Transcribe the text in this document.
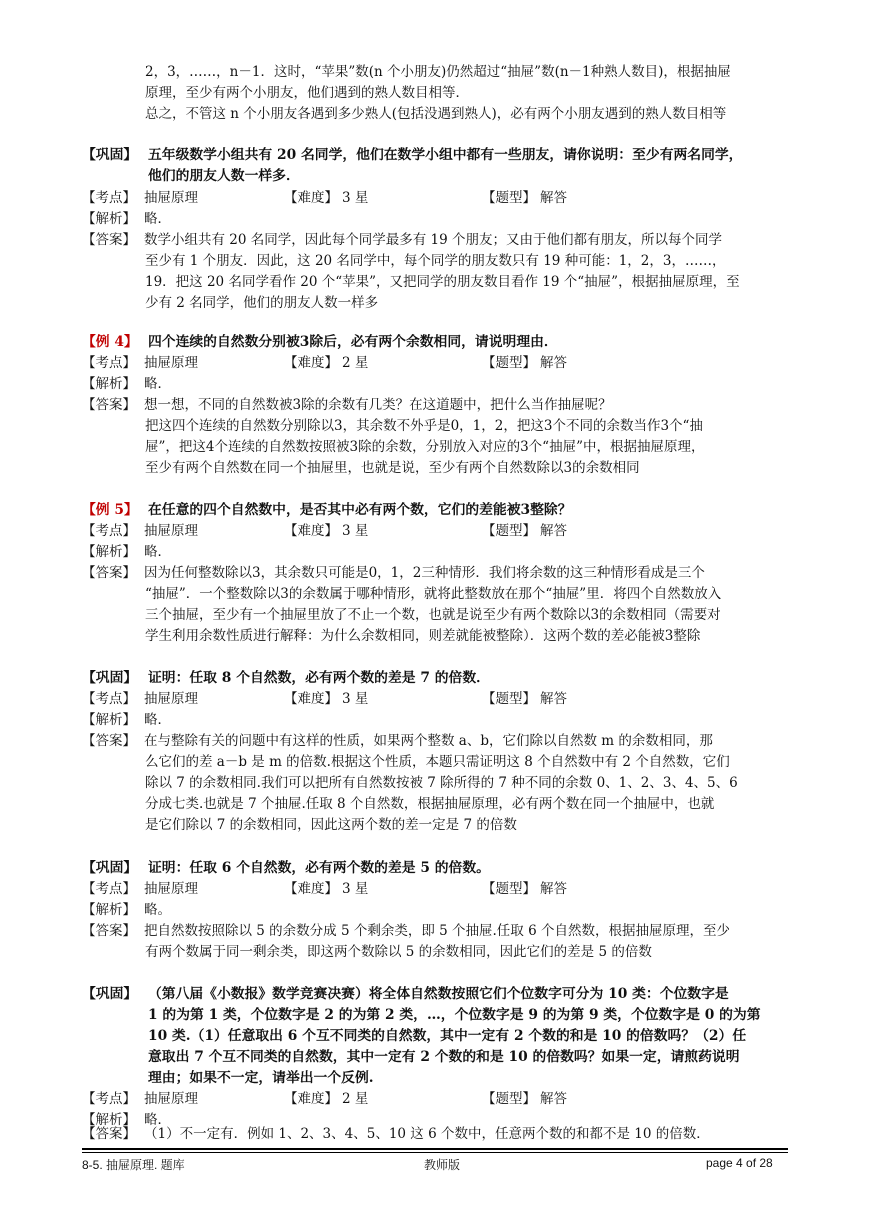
2，3，……，n－1．这时，“苹果”数(n 个小朋友)仍然超过“抽屉”数(n－1种熟人数目)，根据抽屉
原理，至少有两个小朋友，他们遇到的熟人数目相等．
总之，不管这 n 个小朋友各遇到多少熟人(包括没遇到熟人)，必有两个小朋友遇到的熟人数目相等
【巩固】 五年级数学小组共有 20 名同学，他们在数学小组中都有一些朋友，请你说明：至少有两名同学，
他们的朋友人数一样多．
【考点】 抽屉原理	【难度】 3 星	【题型】 解答
【解析】 略．
【答案】 数学小组共有 20 名同学，因此每个同学最多有 19 个朋友；又由于他们都有朋友，所以每个同学
至少有 1 个朋友．因此，这 20 名同学中，每个同学的朋友数只有 19 种可能：1，2，3，……，
19．把这 20 名同学看作 20 个“苹果”，又把同学的朋友数目看作 19 个“抽屉”，根据抽屉原理，至
少有 2 名同学，他们的朋友人数一样多
【例 4】 四个连续的自然数分别被3除后，必有两个余数相同，请说明理由．
【考点】 抽屉原理	【难度】 2 星	【题型】 解答
【解析】 略．
【答案】 想一想，不同的自然数被3除的余数有几类？在这道题中，把什么当作抽屉呢？
把这四个连续的自然数分别除以3，其余数不外乎是0，1，2，把这3个不同的余数当作3个“抽
屉”，把这4个连续的自然数按照被3除的余数，分别放入对应的3个“抽屉”中，根据抽屉原理，
至少有两个自然数在同一个抽屉里，也就是说，至少有两个自然数除以3的余数相同
【例 5】 在任意的四个自然数中，是否其中必有两个数，它们的差能被3整除？
【考点】 抽屉原理	【难度】 3 星	【题型】 解答
【解析】 略．
【答案】 因为任何整数除以3，其余数只可能是0，1，2三种情形．我们将余数的这三种情形看成是三个
“抽屉”．一个整数除以3的余数属于哪种情形，就将此整数放在那个“抽屉”里．将四个自然数放入
三个抽屉，至少有一个抽屉里放了不止一个数，也就是说至少有两个数除以3的余数相同（需要对
学生利用余数性质进行解释：为什么余数相同，则差就能被整除）．这两个数的差必能被3整除
【巩固】 证明：任取 8 个自然数，必有两个数的差是 7 的倍数．
【考点】 抽屉原理	【难度】 3 星	【题型】 解答
【解析】 略．
【答案】 在与整除有关的问题中有这样的性质，如果两个整数 a、b，它们除以自然数 m 的余数相同，那
么它们的差 a－b 是 m 的倍数.根据这个性质，本题只需证明这 8 个自然数中有 2 个自然数，它们
除以 7 的余数相同.我们可以把所有自然数按被 7 除所得的 7 种不同的余数 0、1、2、3、4、5、6
分成七类.也就是 7 个抽屉.任取 8 个自然数，根据抽屉原理，必有两个数在同一个抽屉中，也就
是它们除以 7 的余数相同，因此这两个数的差一定是 7 的倍数
【巩固】 证明：任取 6 个自然数，必有两个数的差是 5 的倍数。
【考点】 抽屉原理	【难度】 3 星	【题型】 解答
【解析】 略。
【答案】 把自然数按照除以 5 的余数分成 5 个剩余类，即 5 个抽屉.任取 6 个自然数，根据抽屉原理，至少
有两个数属于同一剩余类，即这两个数除以 5 的余数相同，因此它们的差是 5 的倍数
【巩固】 （第八届《小数报》数学竞赛决赛）将全体自然数按照它们个位数字可分为 10 类：个位数字是
1 的为第 1 类，个位数字是 2 的为第 2 类，…，个位数字是 9 的为第 9 类，个位数字是 0 的为第
10 类.（1）任意取出 6 个互不同类的自然数，其中一定有 2 个数的和是 10 的倍数吗？（2）任
意取出 7 个互不同类的自然数，其中一定有 2 个数的和是 10 的倍数吗？如果一定，请煎药说明
理由；如果不一定，请举出一个反例.
【考点】 抽屉原理	【难度】 2 星	【题型】 解答
【解析】 略．
【答案】 （1）不一定有．例如 1、2、3、4、5、10 这 6 个数中，任意两个数的和都不是 10 的倍数．
8-5. 抽屉原理. 题库	教师版	page 4 of 28
